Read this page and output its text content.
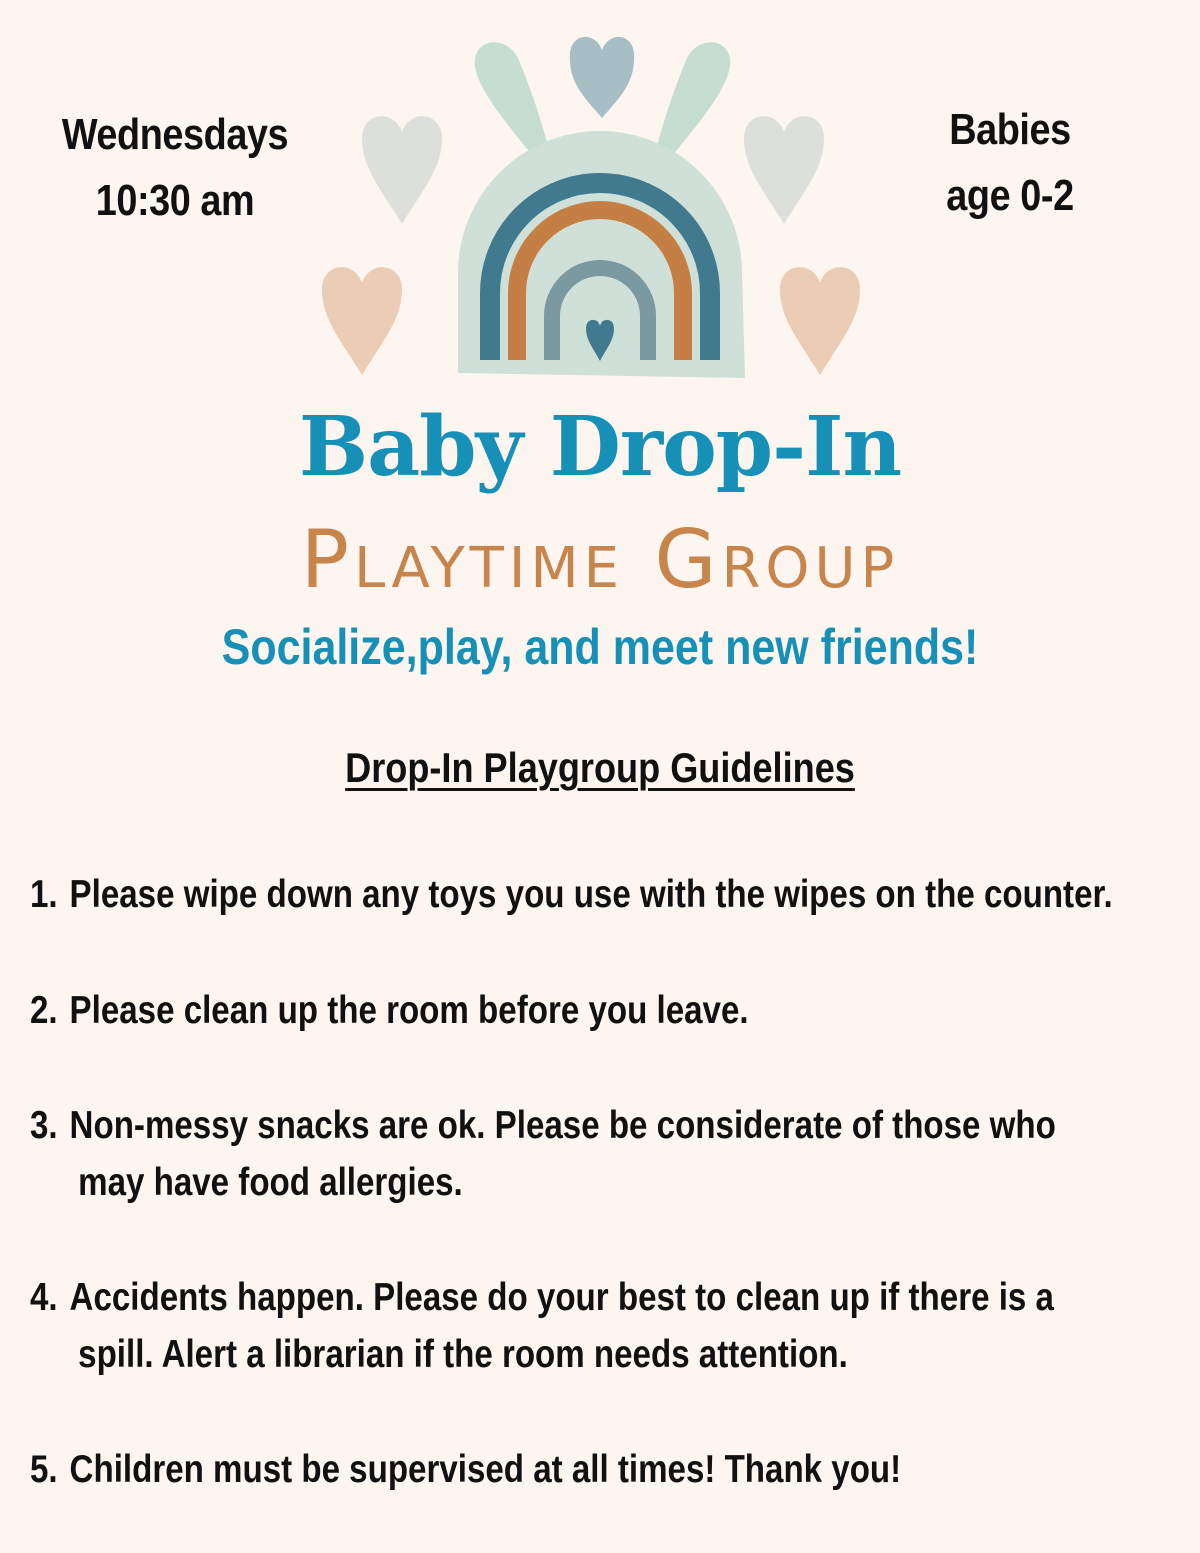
Wednesdays
10:30 am
Babies
age 0-2
Baby Drop-In
Playtime Group
Socialize,play, and meet new friends!
Drop-In Playgroup Guidelines
1. Please wipe down any toys you use with the wipes on the counter.
2. Please clean up the room before you leave.
3. Non-messy snacks are ok. Please be considerate of those who
may have food allergies.
4. Accidents happen. Please do your best to clean up if there is a
spill. Alert a librarian if the room needs attention.
5. Children must be supervised at all times! Thank you!
